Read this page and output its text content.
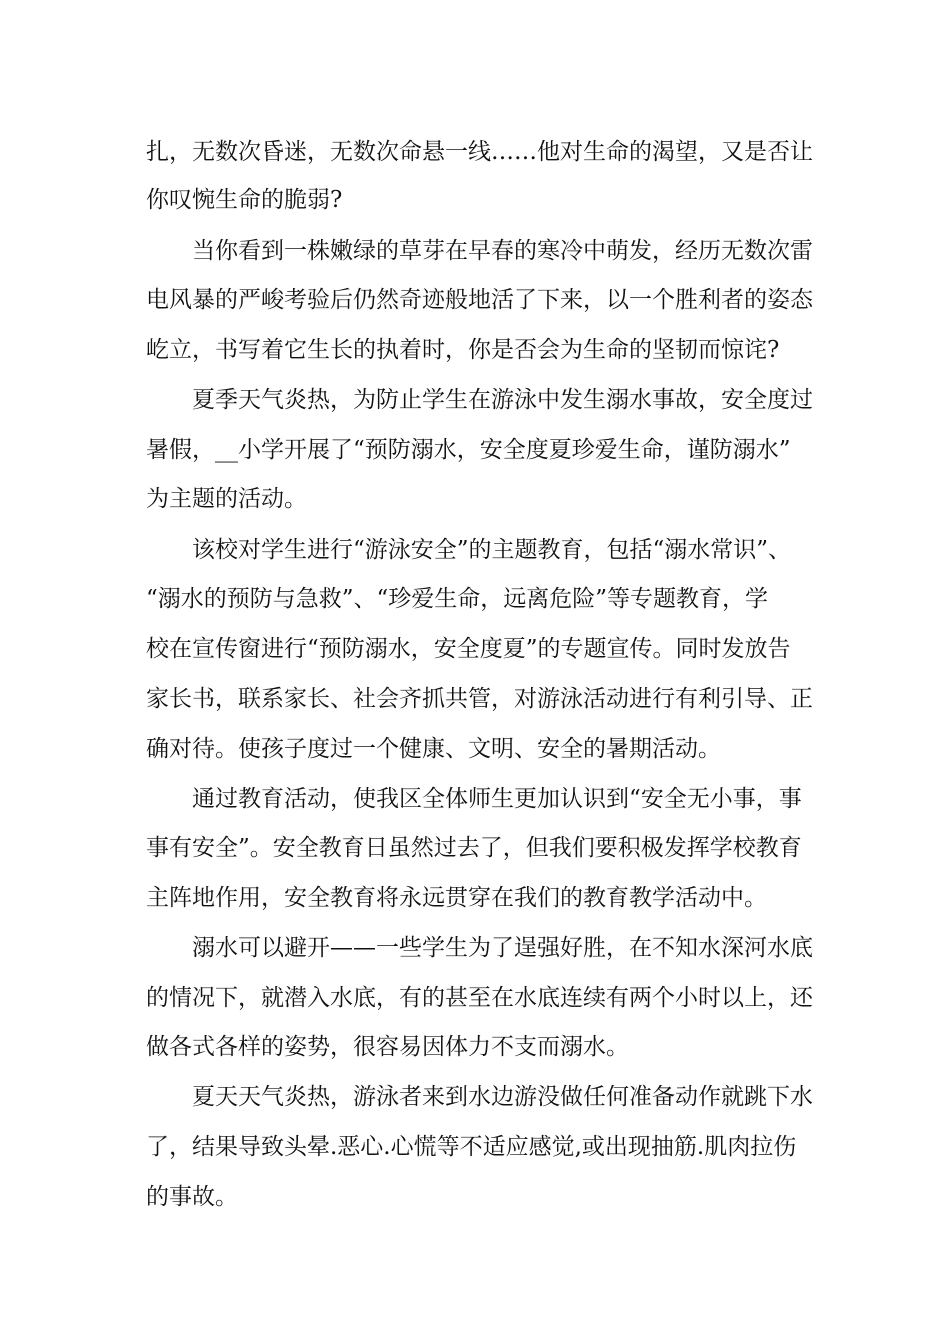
扎，无数次昏迷，无数次命悬一线……他对生命的渴望，又是否让
你叹惋生命的脆弱?
当你看到一株嫩绿的草芽在早春的寒冷中萌发，经历无数次雷
电风暴的严峻考验后仍然奇迹般地活了下来，以一个胜利者的姿态
屹立，书写着它生长的执着时，你是否会为生命的坚韧而惊诧?
夏季天气炎热，为防止学生在游泳中发生溺水事故，安全度过
暑假，__小学开展了“预防溺水，安全度夏珍爱生命，谨防溺水”
为主题的活动。
该校对学生进行“游泳安全”的主题教育，包括“溺水常识”、
“溺水的预防与急救”、“珍爱生命，远离危险”等专题教育，学
校在宣传窗进行“预防溺水，安全度夏”的专题宣传。同时发放告
家长书，联系家长、社会齐抓共管，对游泳活动进行有利引导、正
确对待。使孩子度过一个健康、文明、安全的暑期活动。
通过教育活动，使我区全体师生更加认识到“安全无小事，事
事有安全”。安全教育日虽然过去了，但我们要积极发挥学校教育
主阵地作用，安全教育将永远贯穿在我们的教育教学活动中。
溺水可以避开——一些学生为了逞强好胜，在不知水深河水底
的情况下，就潜入水底，有的甚至在水底连续有两个小时以上，还
做各式各样的姿势，很容易因体力不支而溺水。
夏天天气炎热，游泳者来到水边游没做任何准备动作就跳下水
了，结果导致头晕.恶心.心慌等不适应感觉,或出现抽筋.肌肉拉伤
的事故。
